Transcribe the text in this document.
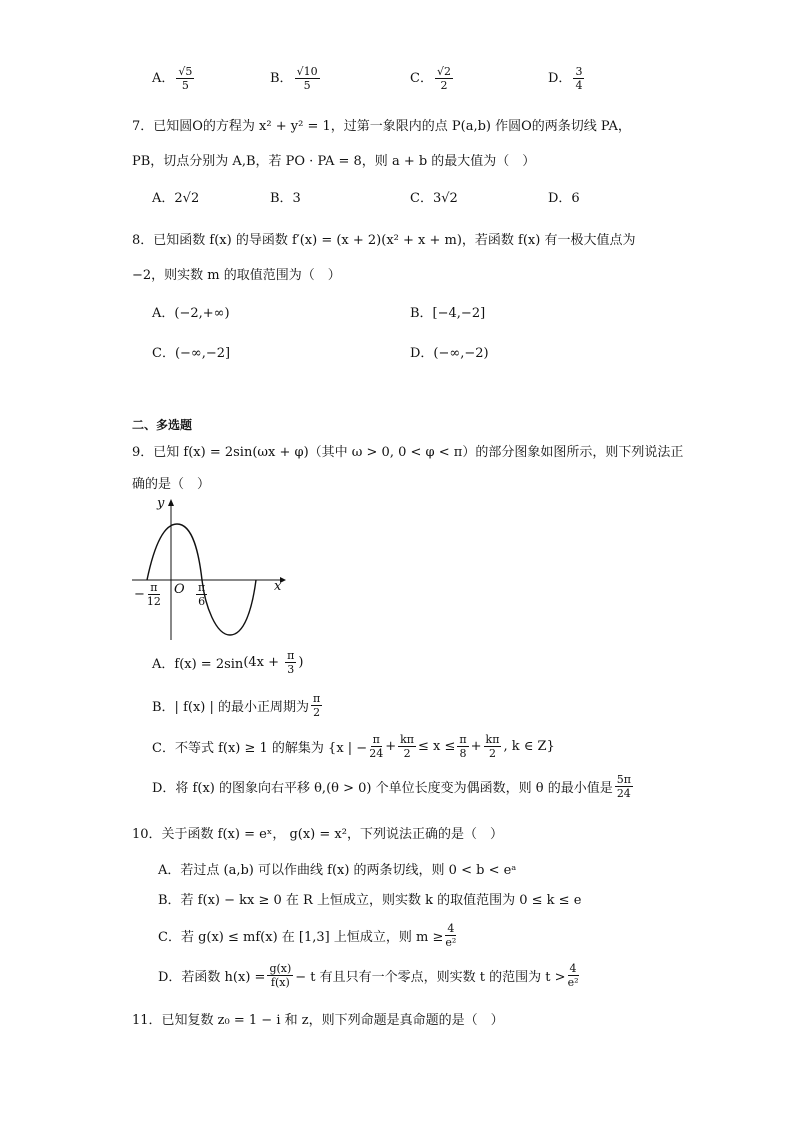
A． $\frac{√5}{5}$	B． $\frac{√10}{5}$	C． $\frac{√2}{2}$	D． $\frac{3}{4}$
7．已知圆O的方程为 x² + y² = 1，过第一象限内的点 P(a,b) 作圆O的两条切线 PA，
PB，切点分别为 A,B，若 PO · PA = 8，则 a + b 的最大值为（　）
A．2√2	B．3	C．3√2	D．6
8．已知函数 f(x) 的导函数 f′(x) = (x + 2)(x² + x + m)，若函数 f(x) 有一极大值点为
−2，则实数 m 的取值范围为（　）
A．(−2,+∞)	B．[−4,−2]
C．(−∞,−2]	D．(−∞,−2)
二、多选题
9．已知 f(x) = 2sin(ωx + φ)（其中 ω > 0, 0 < φ < π）的部分图象如图所示，则下列说法正
确的是（　）
y
x
O
− $\frac{\pi}{12}$	$\frac{\pi}{6}$
A．$f(x) = 2\sin(4x + \frac{\pi}{3}$ )
B．| f(x) | 的最小正周期为 $\frac{\pi}{2}$
C．不等式 f(x) ≥ 1 的解集为 {x | − $\frac{\pi}{24} + \frac{k\pi}{2} \le x \le \frac{\pi}{8} + \frac{k\pi}{2}$ , k ∈ Z}
D．将 f(x) 的图象向右平移 θ,(θ > 0) 个单位长度变为偶函数，则 θ 的最小值是 $\frac{5\pi}{24}$
10．关于函数 f(x) = eˣ， g(x) = x²，下列说法正确的是（　）
A．若过点 (a,b) 可以作曲线 f(x) 的两条切线，则 0 < b < eᵃ
B．若 f(x) − kx ≥ 0 在 R 上恒成立，则实数 k 的取值范围为 0 ≤ k ≤ e
C．若 g(x) ≤ mf(x) 在 [1,3] 上恒成立，则 $m \ge \frac{4}{\text{e²}}$
D．若函数 $h(x) = \frac{g(x)}{f(x)} - t$ 有且只有一个零点，则实数 t 的范围为 $t > \frac{4}{\text{e²}}$
11．已知复数 z₀ = 1 − i 和 z，则下列命题是真命题的是（　）
